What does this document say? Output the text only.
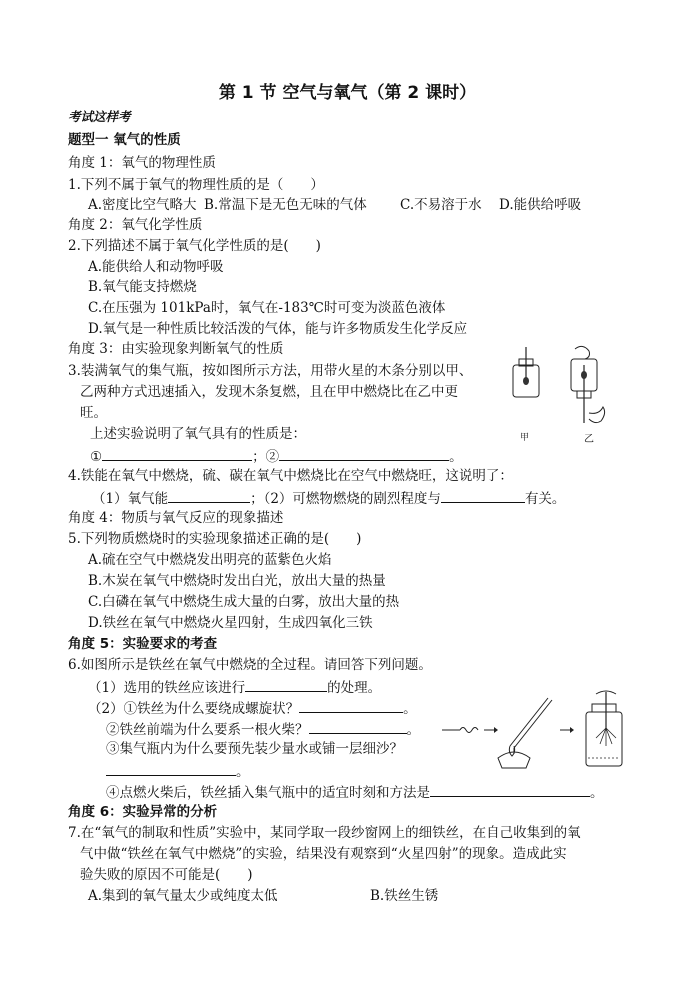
第 1 节 空气与氧气（第 2 课时）
考试这样考
题型一 氧气的性质
角度 1：氧气的物理性质
1.下列不属于氧气的物理性质的是（　　）
A.密度比空气略大 B.常温下是无色无味的气体 C.不易溶于水 D.能供给呼吸
角度 2：氧气化学性质
2.下列描述不属于氧气化学性质的是(　　)
A.能供给人和动物呼吸
B.氧气能支持燃烧
C.在压强为 101kPa时，氧气在-183℃时可变为淡蓝色液体
D.氧气是一种性质比较活泼的气体，能与许多物质发生化学反应
角度 3：由实验现象判断氧气的性质
3.装满氧气的集气瓶，按如图所示方法，用带火星的木条分别以甲、
乙两种方式迅速插入，发现木条复燃，且在甲中燃烧比在乙中更
旺。
上述实验说明了氧气具有的性质是：
①	；②	。
甲	乙
4.铁能在氧气中燃烧，硫、碳在氧气中燃烧比在空气中燃烧旺，这说明了：
（1）氧气能	；（2）可燃物燃烧的剧烈程度与	有关。
角度 4：物质与氧气反应的现象描述
5.下列物质燃烧时的实验现象描述正确的是(　　)
A.硫在空气中燃烧发出明亮的蓝紫色火焰
B.木炭在氧气中燃烧时发出白光，放出大量的热量
C.白磷在氧气中燃烧生成大量的白雾，放出大量的热
D.铁丝在氧气中燃烧火星四射，生成四氧化三铁
角度 5：实验要求的考查
6.如图所示是铁丝在氧气中燃烧的全过程。请回答下列问题。
（1）选用的铁丝应该进行	的处理。
（2）①铁丝为什么要绕成螺旋状？	。
②铁丝前端为什么要系一根火柴？	。
③集气瓶内为什么要预先装少量水或铺一层细沙？
。
④点燃火柴后，铁丝插入集气瓶中的适宜时刻和方法是	。
角度 6：实验异常的分析
7.在“氧气的制取和性质”实验中，某同学取一段纱窗网上的细铁丝，在自己收集到的氧
气中做“铁丝在氧气中燃烧”的实验，结果没有观察到“火星四射”的现象。造成此实
验失败的原因不可能是(　　)
A.集到的氧气量太少或纯度太低	B.铁丝生锈
